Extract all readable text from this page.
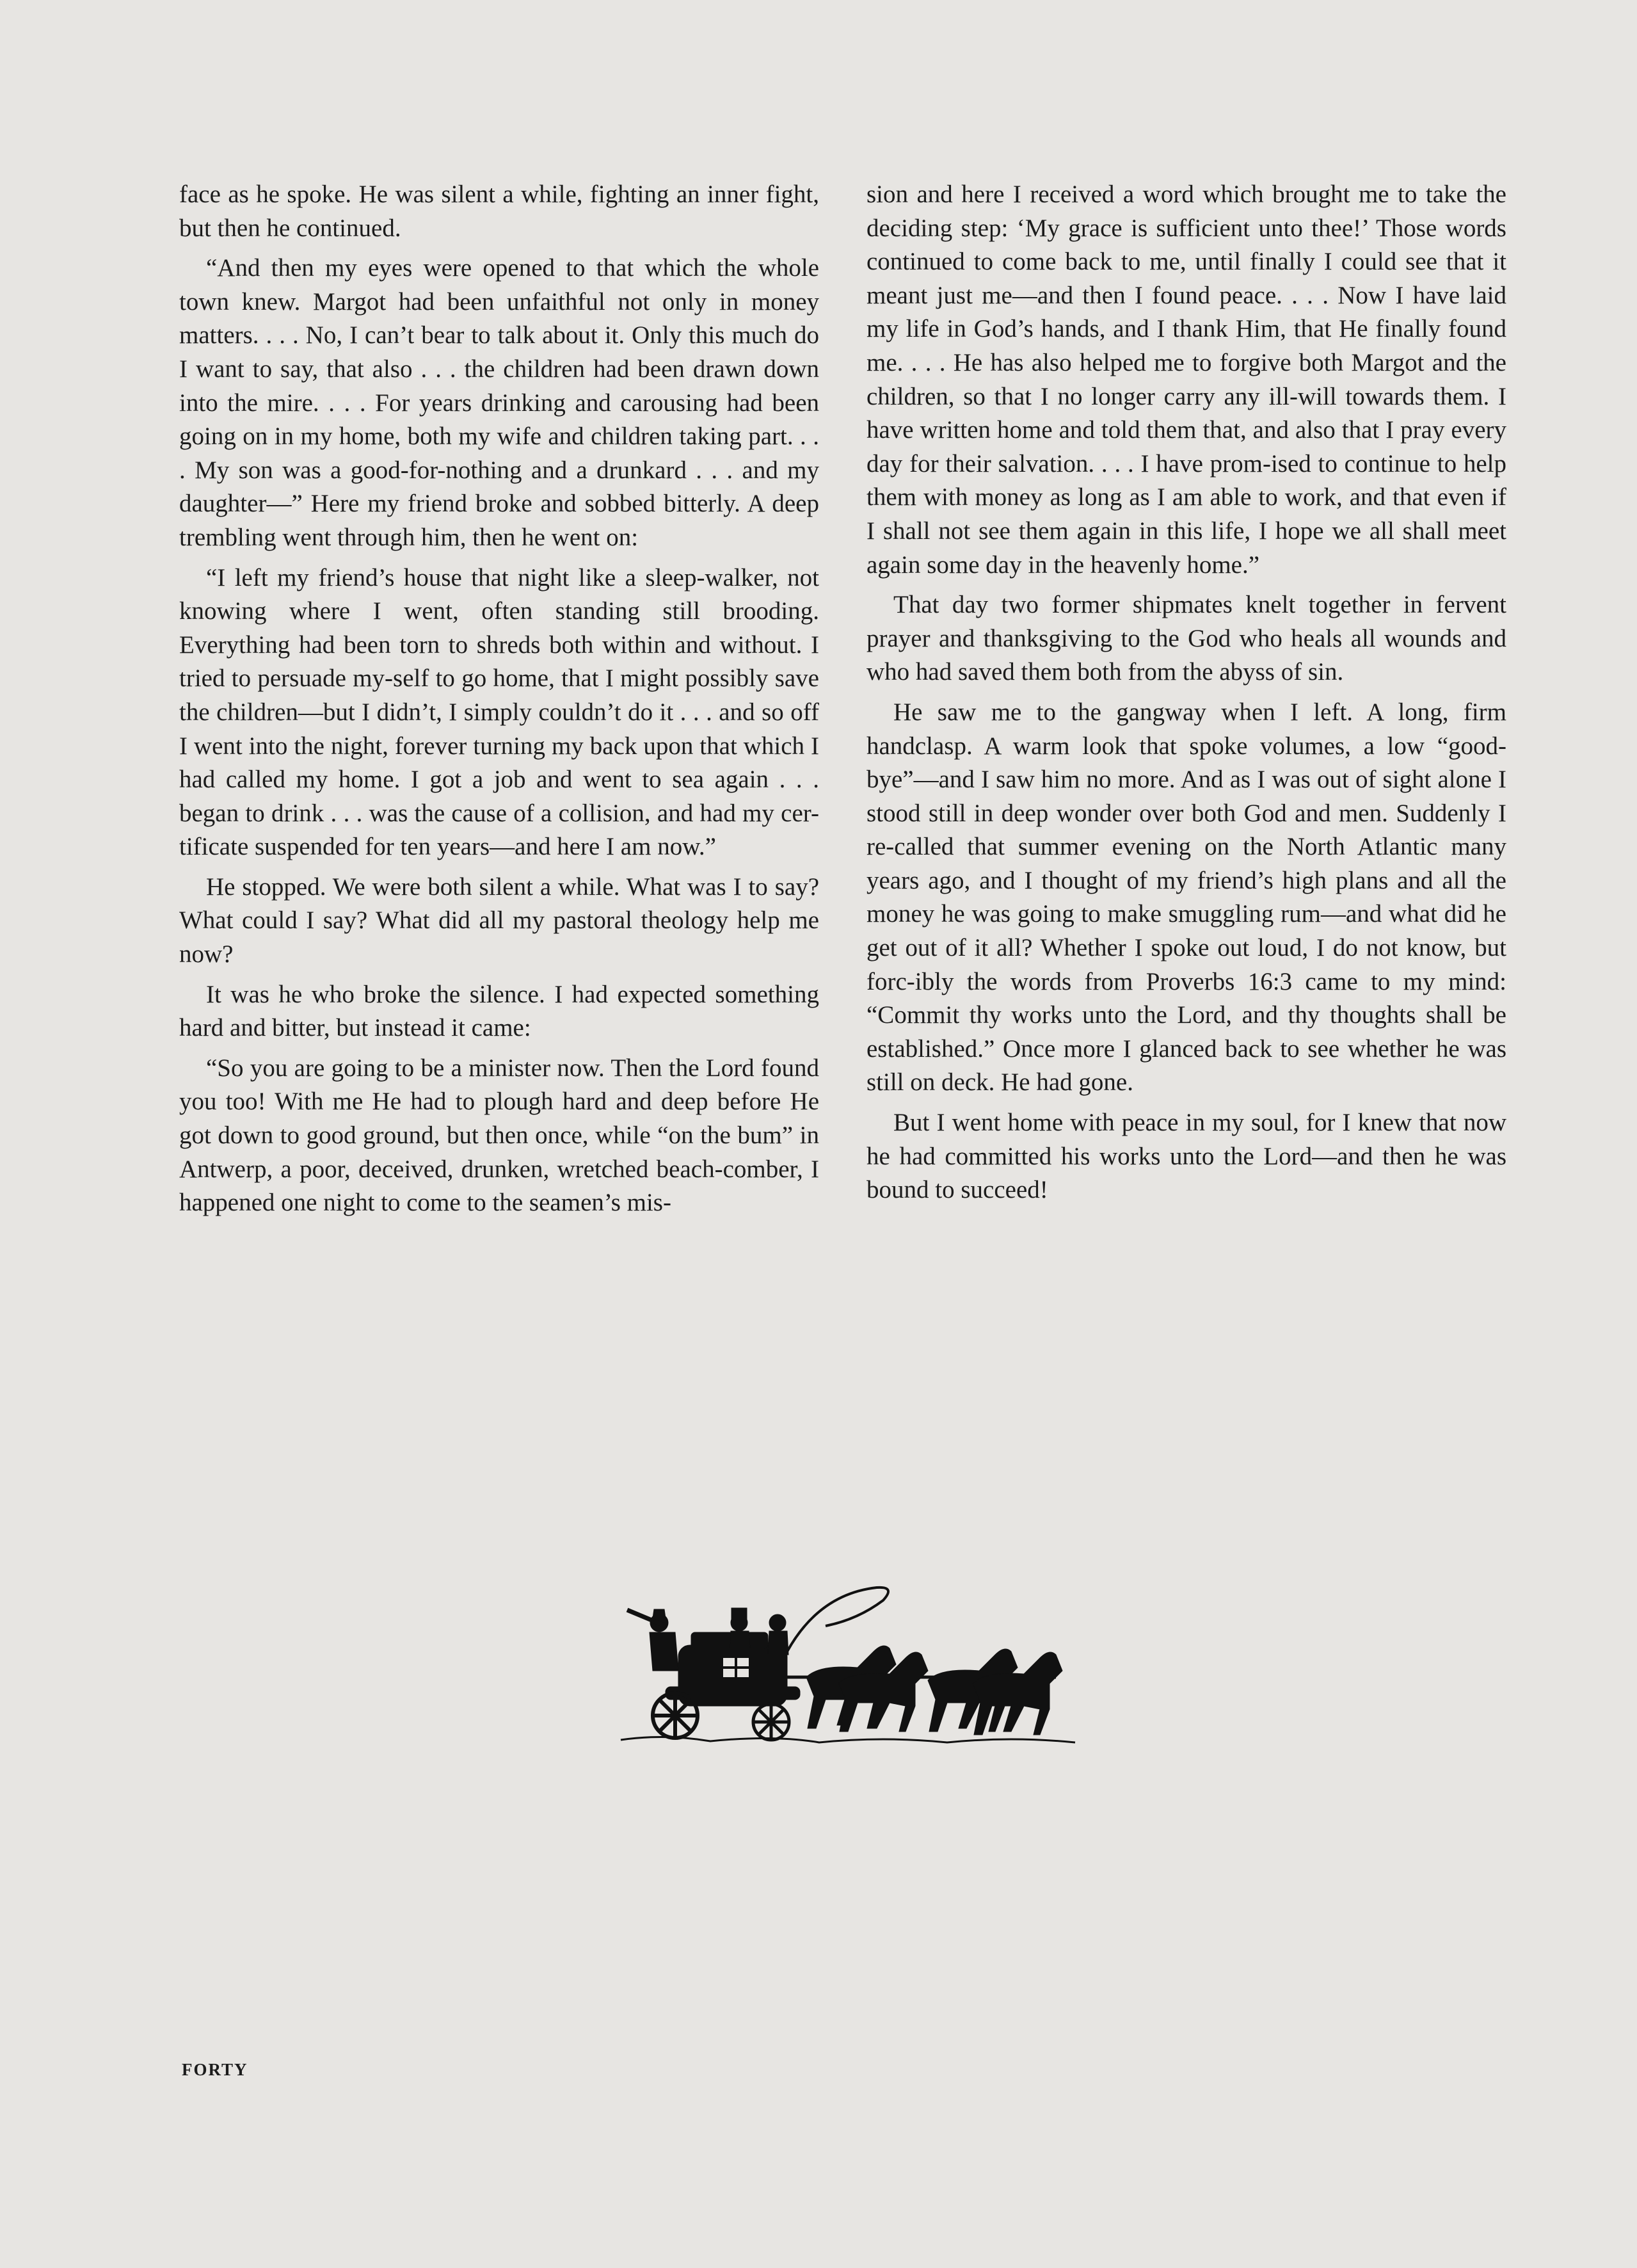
face as he spoke. He was silent a while, fighting an inner fight, but then he continued.

“And then my eyes were opened to that which the whole town knew. Margot had been unfaithful not only in money matters. . . . No, I can’t bear to talk about it. Only this much do I want to say, that also . . . the children had been drawn down into the mire. . . . For years drinking and carousing had been going on in my home, both my wife and children taking part. . . . My son was a good-for-nothing and a drunkard . . . and my daughter—” Here my friend broke and sobbed bitterly. A deep trembling went through him, then he went on:

“I left my friend’s house that night like a sleep-walker, not knowing where I went, often standing still brooding. Everything had been torn to shreds both within and without. I tried to persuade my-self to go home, that I might possibly save the children—but I didn’t, I simply couldn’t do it . . . and so off I went into the night, forever turning my back upon that which I had called my home. I got a job and went to sea again . . . began to drink . . . was the cause of a collision, and had my cer-tificate suspended for ten years—and here I am now.”

He stopped. We were both silent a while. What was I to say? What could I say? What did all my pastoral theology help me now?

It was he who broke the silence. I had expected something hard and bitter, but instead it came:

“So you are going to be a minister now. Then the Lord found you too! With me He had to plough hard and deep before He got down to good ground, but then once, while “on the bum” in Antwerp, a poor, deceived, drunken, wretched beach-comber, I happened one night to come to the seamen’s mis-

sion and here I received a word which brought me to take the deciding step: ‘My grace is sufficient unto thee!’ Those words continued to come back to me, until finally I could see that it meant just me—and then I found peace. . . . Now I have laid my life in God’s hands, and I thank Him, that He finally found me. . . . He has also helped me to forgive both Margot and the children, so that I no longer carry any ill-will towards them. I have written home and told them that, and also that I pray every day for their salvation. . . . I have prom-ised to continue to help them with money as long as I am able to work, and that even if I shall not see them again in this life, I hope we all shall meet again some day in the heavenly home.”

That day two former shipmates knelt together in fervent prayer and thanksgiving to the God who heals all wounds and who had saved them both from the abyss of sin.

He saw me to the gangway when I left. A long, firm handclasp. A warm look that spoke volumes, a low “good-bye”—and I saw him no more. And as I was out of sight alone I stood still in deep wonder over both God and men. Suddenly I re-called that summer evening on the North Atlantic many years ago, and I thought of my friend’s high plans and all the money he was going to make smuggling rum—and what did he get out of it all? Whether I spoke out loud, I do not know, but forc-ibly the words from Proverbs 16:3 came to my mind: “Commit thy works unto the Lord, and thy thoughts shall be established.” Once more I glanced back to see whether he was still on deck. He had gone.

But I went home with peace in my soul, for I knew that now he had committed his works unto the Lord—and then he was bound to succeed!

FORTY
